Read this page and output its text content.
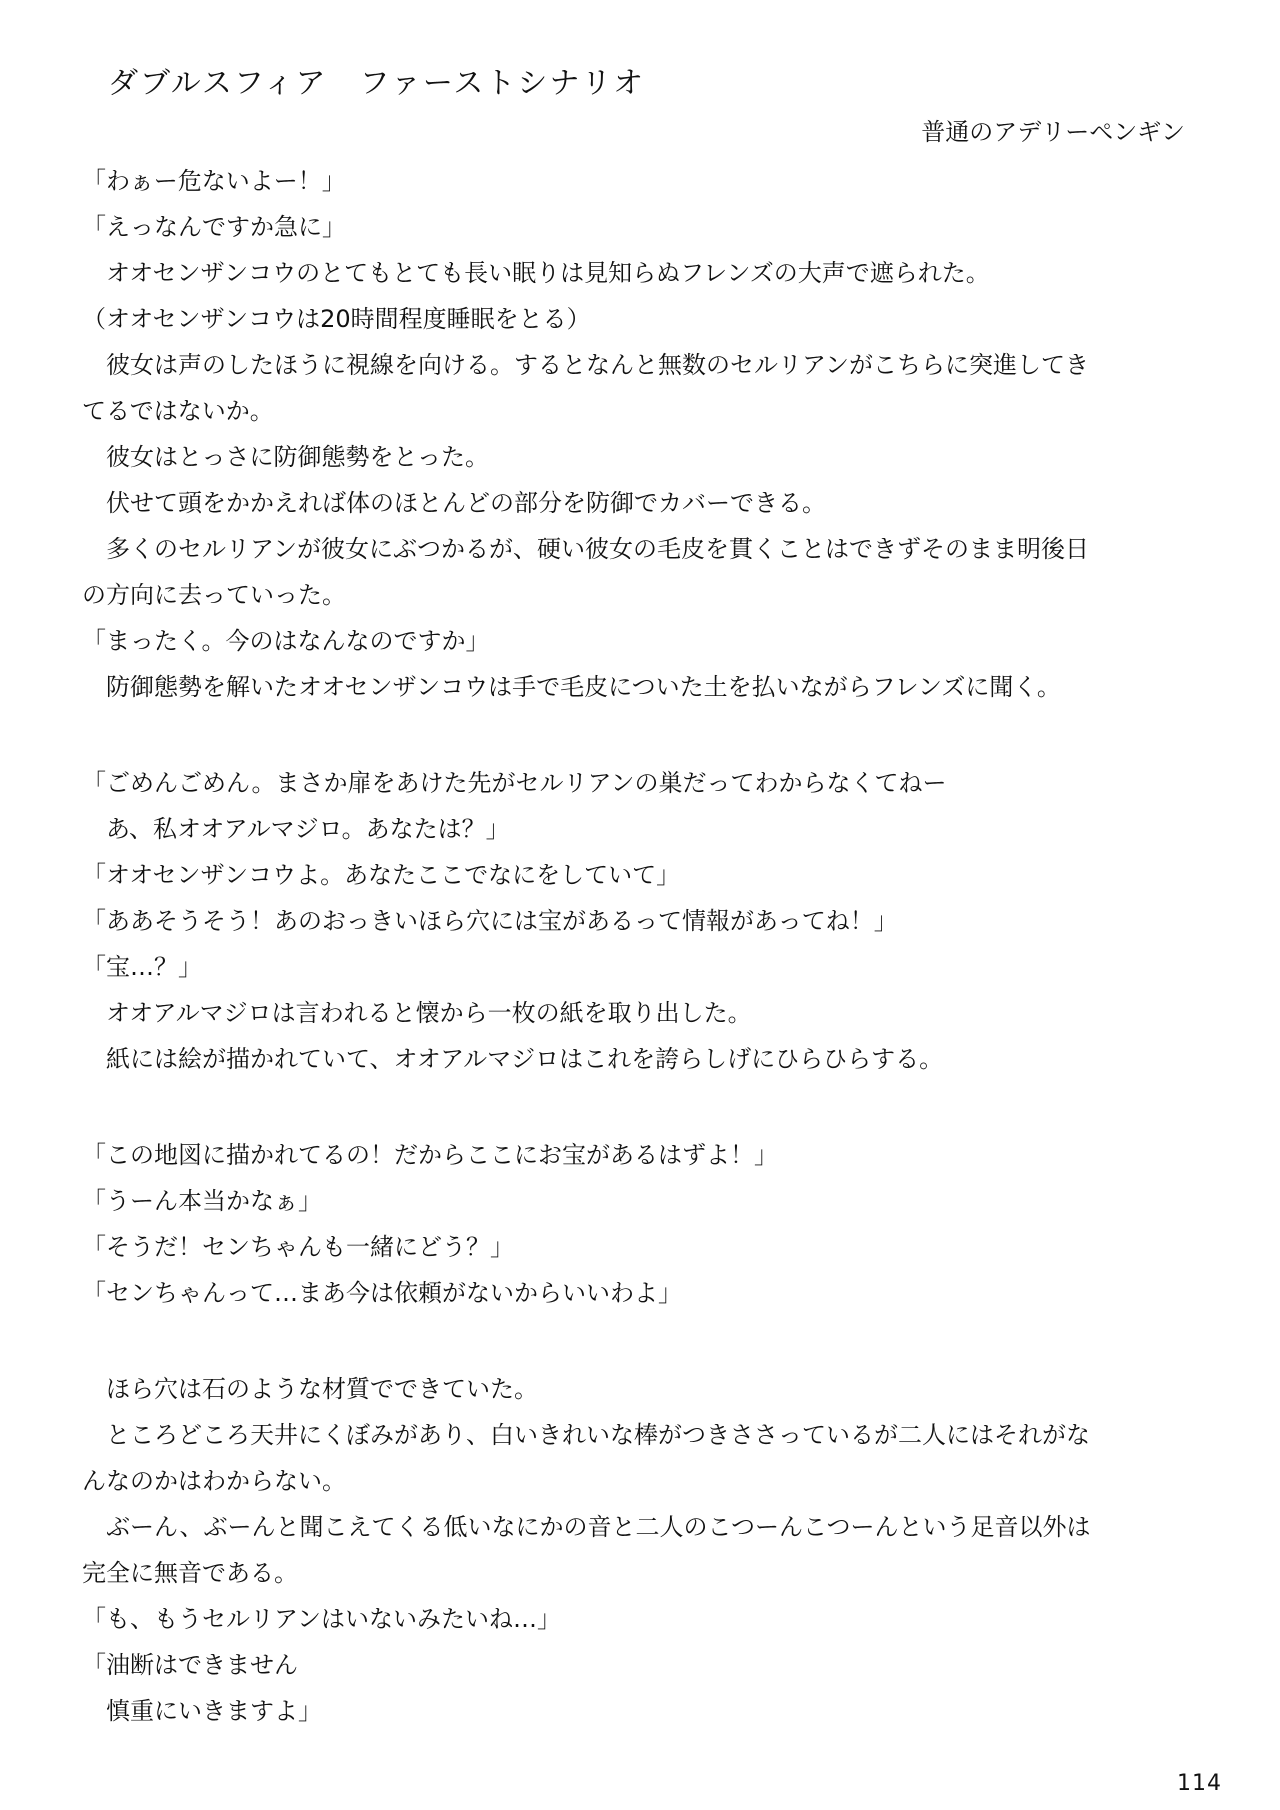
ダブルスフィア　ファーストシナリオ
普通のアデリーペンギン
「わぁー危ないよー！」
「えっなんですか急に」
　オオセンザンコウのとてもとても長い眠りは見知らぬフレンズの大声で遮られた。
（オオセンザンコウは20時間程度睡眠をとる）
　彼女は声のしたほうに視線を向ける。するとなんと無数のセルリアンがこちらに突進してき
てるではないか。
　彼女はとっさに防御態勢をとった。
　伏せて頭をかかえれば体のほとんどの部分を防御でカバーできる。
　多くのセルリアンが彼女にぶつかるが、硬い彼女の毛皮を貫くことはできずそのまま明後日
の方向に去っていった。
「まったく。今のはなんなのですか」
　防御態勢を解いたオオセンザンコウは手で毛皮についた土を払いながらフレンズに聞く。
「ごめんごめん。まさか扉をあけた先がセルリアンの巣だってわからなくてねー
　あ、私オオアルマジロ。あなたは？」
「オオセンザンコウよ。あなたここでなにをしていて」
「ああそうそう！あのおっきいほら穴には宝があるって情報があってね！」
「宝…？」
　オオアルマジロは言われると懐から一枚の紙を取り出した。
　紙には絵が描かれていて、オオアルマジロはこれを誇らしげにひらひらする。
「この地図に描かれてるの！だからここにお宝があるはずよ！」
「うーん本当かなぁ」
「そうだ！センちゃんも一緒にどう？」
「センちゃんって…まあ今は依頼がないからいいわよ」
　ほら穴は石のような材質でできていた。
　ところどころ天井にくぼみがあり、白いきれいな棒がつきささっているが二人にはそれがな
んなのかはわからない。
　ぶーん、ぶーんと聞こえてくる低いなにかの音と二人のこつーんこつーんという足音以外は
完全に無音である。
「も、もうセルリアンはいないみたいね…」
「油断はできません
　慎重にいきますよ」
114
